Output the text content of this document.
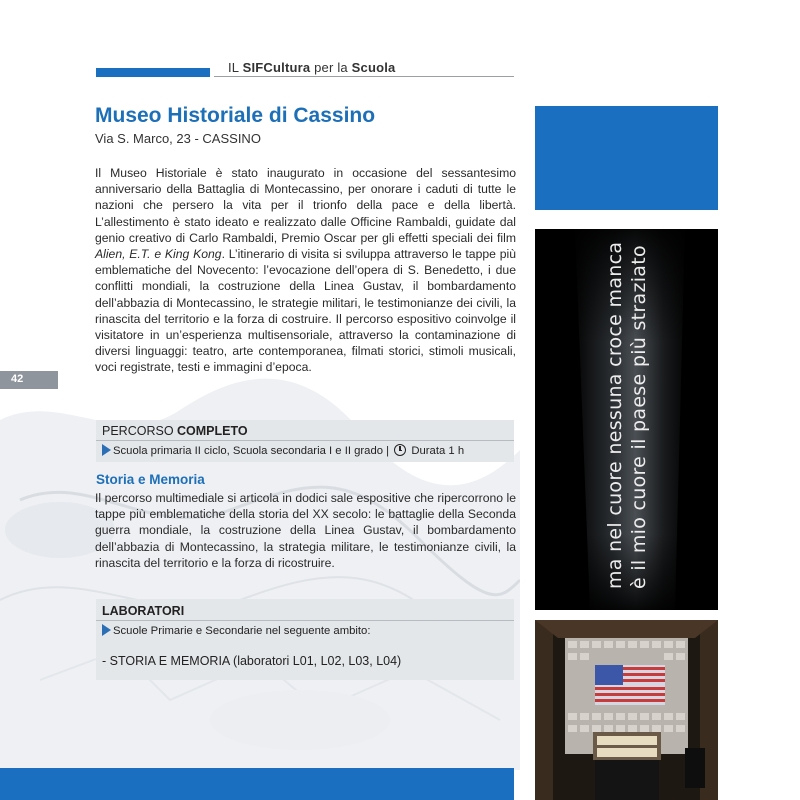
IL SIFCultura per la Scuola
Museo Historiale di Cassino
Via S. Marco, 23 - CASSINO
Il Museo Historiale è stato inaugurato in occasione del sessantesimo anniversario della Battaglia di Montecassino, per onorare i caduti di tutte le nazioni che persero la vita per il trionfo della pace e della libertà. L’allestimento è stato ideato e realizzato dalle Officine Rambaldi, guidate dal genio creativo di Carlo Rambaldi, Premio Oscar per gli effetti speciali dei film Alien, E.T. e King Kong. L’itinerario di visita si sviluppa attraverso le tappe più emblematiche del Novecento: l’evocazione dell’opera di S. Benedetto, i due conflitti mondiali, la costruzione della Linea Gustav, il bombardamento dell’abbazia di Montecassino, le strategie militari, le testimonianze dei civili, la rinascita del territorio e la forza di costruire. Il percorso espositivo coinvolge il visitatore in un’esperienza multisensoriale, attraverso la contaminazione di diversi linguaggi: teatro, arte contemporanea, filmati storici, stimoli musicali, voci registrate, testi e immagini d’epoca.
42
PERCORSO COMPLETO
Scuola primaria II ciclo, Scuola secondaria I e II grado |  Durata 1 h
Storia e Memoria
Il percorso multimediale si articola in dodici sale espositive che ripercorrono le tappe più emblematiche della storia del XX secolo: le battaglie della Seconda guerra mondiale, la costruzione della Linea Gustav, il bombardamento dell’abbazia di Montecassino, la strategia militare, le testimonianze civili, la rinascita del territorio e la forza di ricostruire.
LABORATORI
Scuole Primarie e Secondarie nel seguente ambito:
- STORIA E MEMORIA (laboratori L01, L02, L03, L04)
ma nel cuore nessuna croce manca è il mio cuore il paese più straziato
